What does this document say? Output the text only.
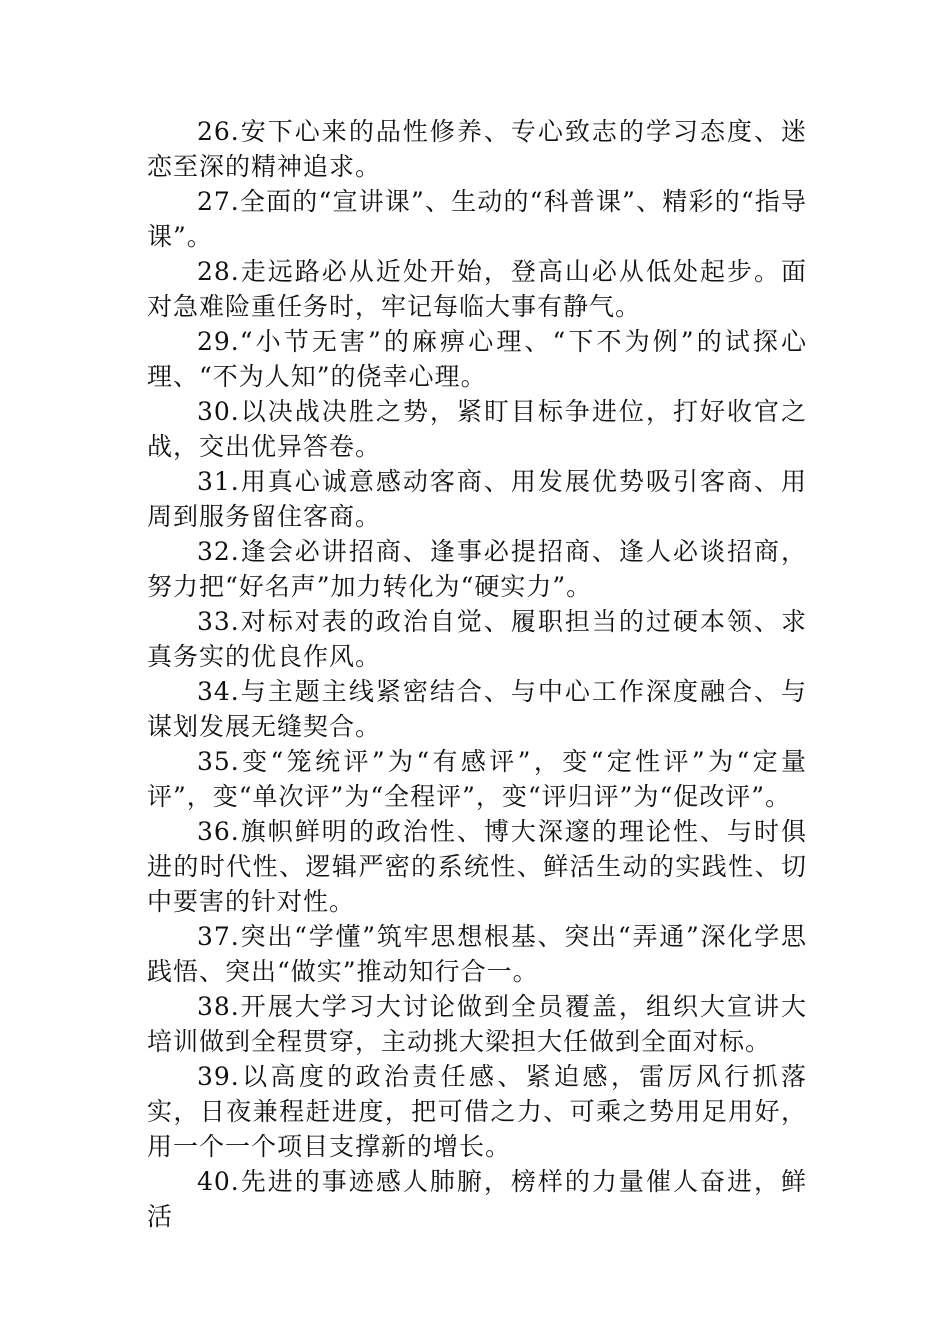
26.安下心来的品性修养、专心致志的学习态度、迷恋至深的精神追求。

27.全面的“宣讲课”、生动的“科普课”、精彩的“指导课”。

28.走远路必从近处开始，登高山必从低处起步。面对急难险重任务时，牢记每临大事有静气。

29.“小节无害”的麻痹心理、“下不为例”的试探心理、“不为人知”的侥幸心理。

30.以决战决胜之势，紧盯目标争进位，打好收官之战，交出优异答卷。

31.用真心诚意感动客商、用发展优势吸引客商、用周到服务留住客商。

32.逢会必讲招商、逢事必提招商、逢人必谈招商，努力把“好名声”加力转化为“硬实力”。

33.对标对表的政治自觉、履职担当的过硬本领、求真务实的优良作风。

34.与主题主线紧密结合、与中心工作深度融合、与谋划发展无缝契合。

35.变“笼统评”为“有感评”，变“定性评”为“定量评”，变“单次评”为“全程评”，变“评归评”为“促改评”。

36.旗帜鲜明的政治性、博大深邃的理论性、与时俱进的时代性、逻辑严密的系统性、鲜活生动的实践性、切中要害的针对性。

37.突出“学懂”筑牢思想根基、突出“弄通”深化学思践悟、突出“做实”推动知行合一。

38.开展大学习大讨论做到全员覆盖，组织大宣讲大培训做到全程贯穿，主动挑大梁担大任做到全面对标。

39.以高度的政治责任感、紧迫感，雷厉风行抓落实，日夜兼程赶进度，把可借之力、可乘之势用足用好，用一个一个项目支撑新的增长。

40.先进的事迹感人肺腑，榜样的力量催人奋进，鲜活
